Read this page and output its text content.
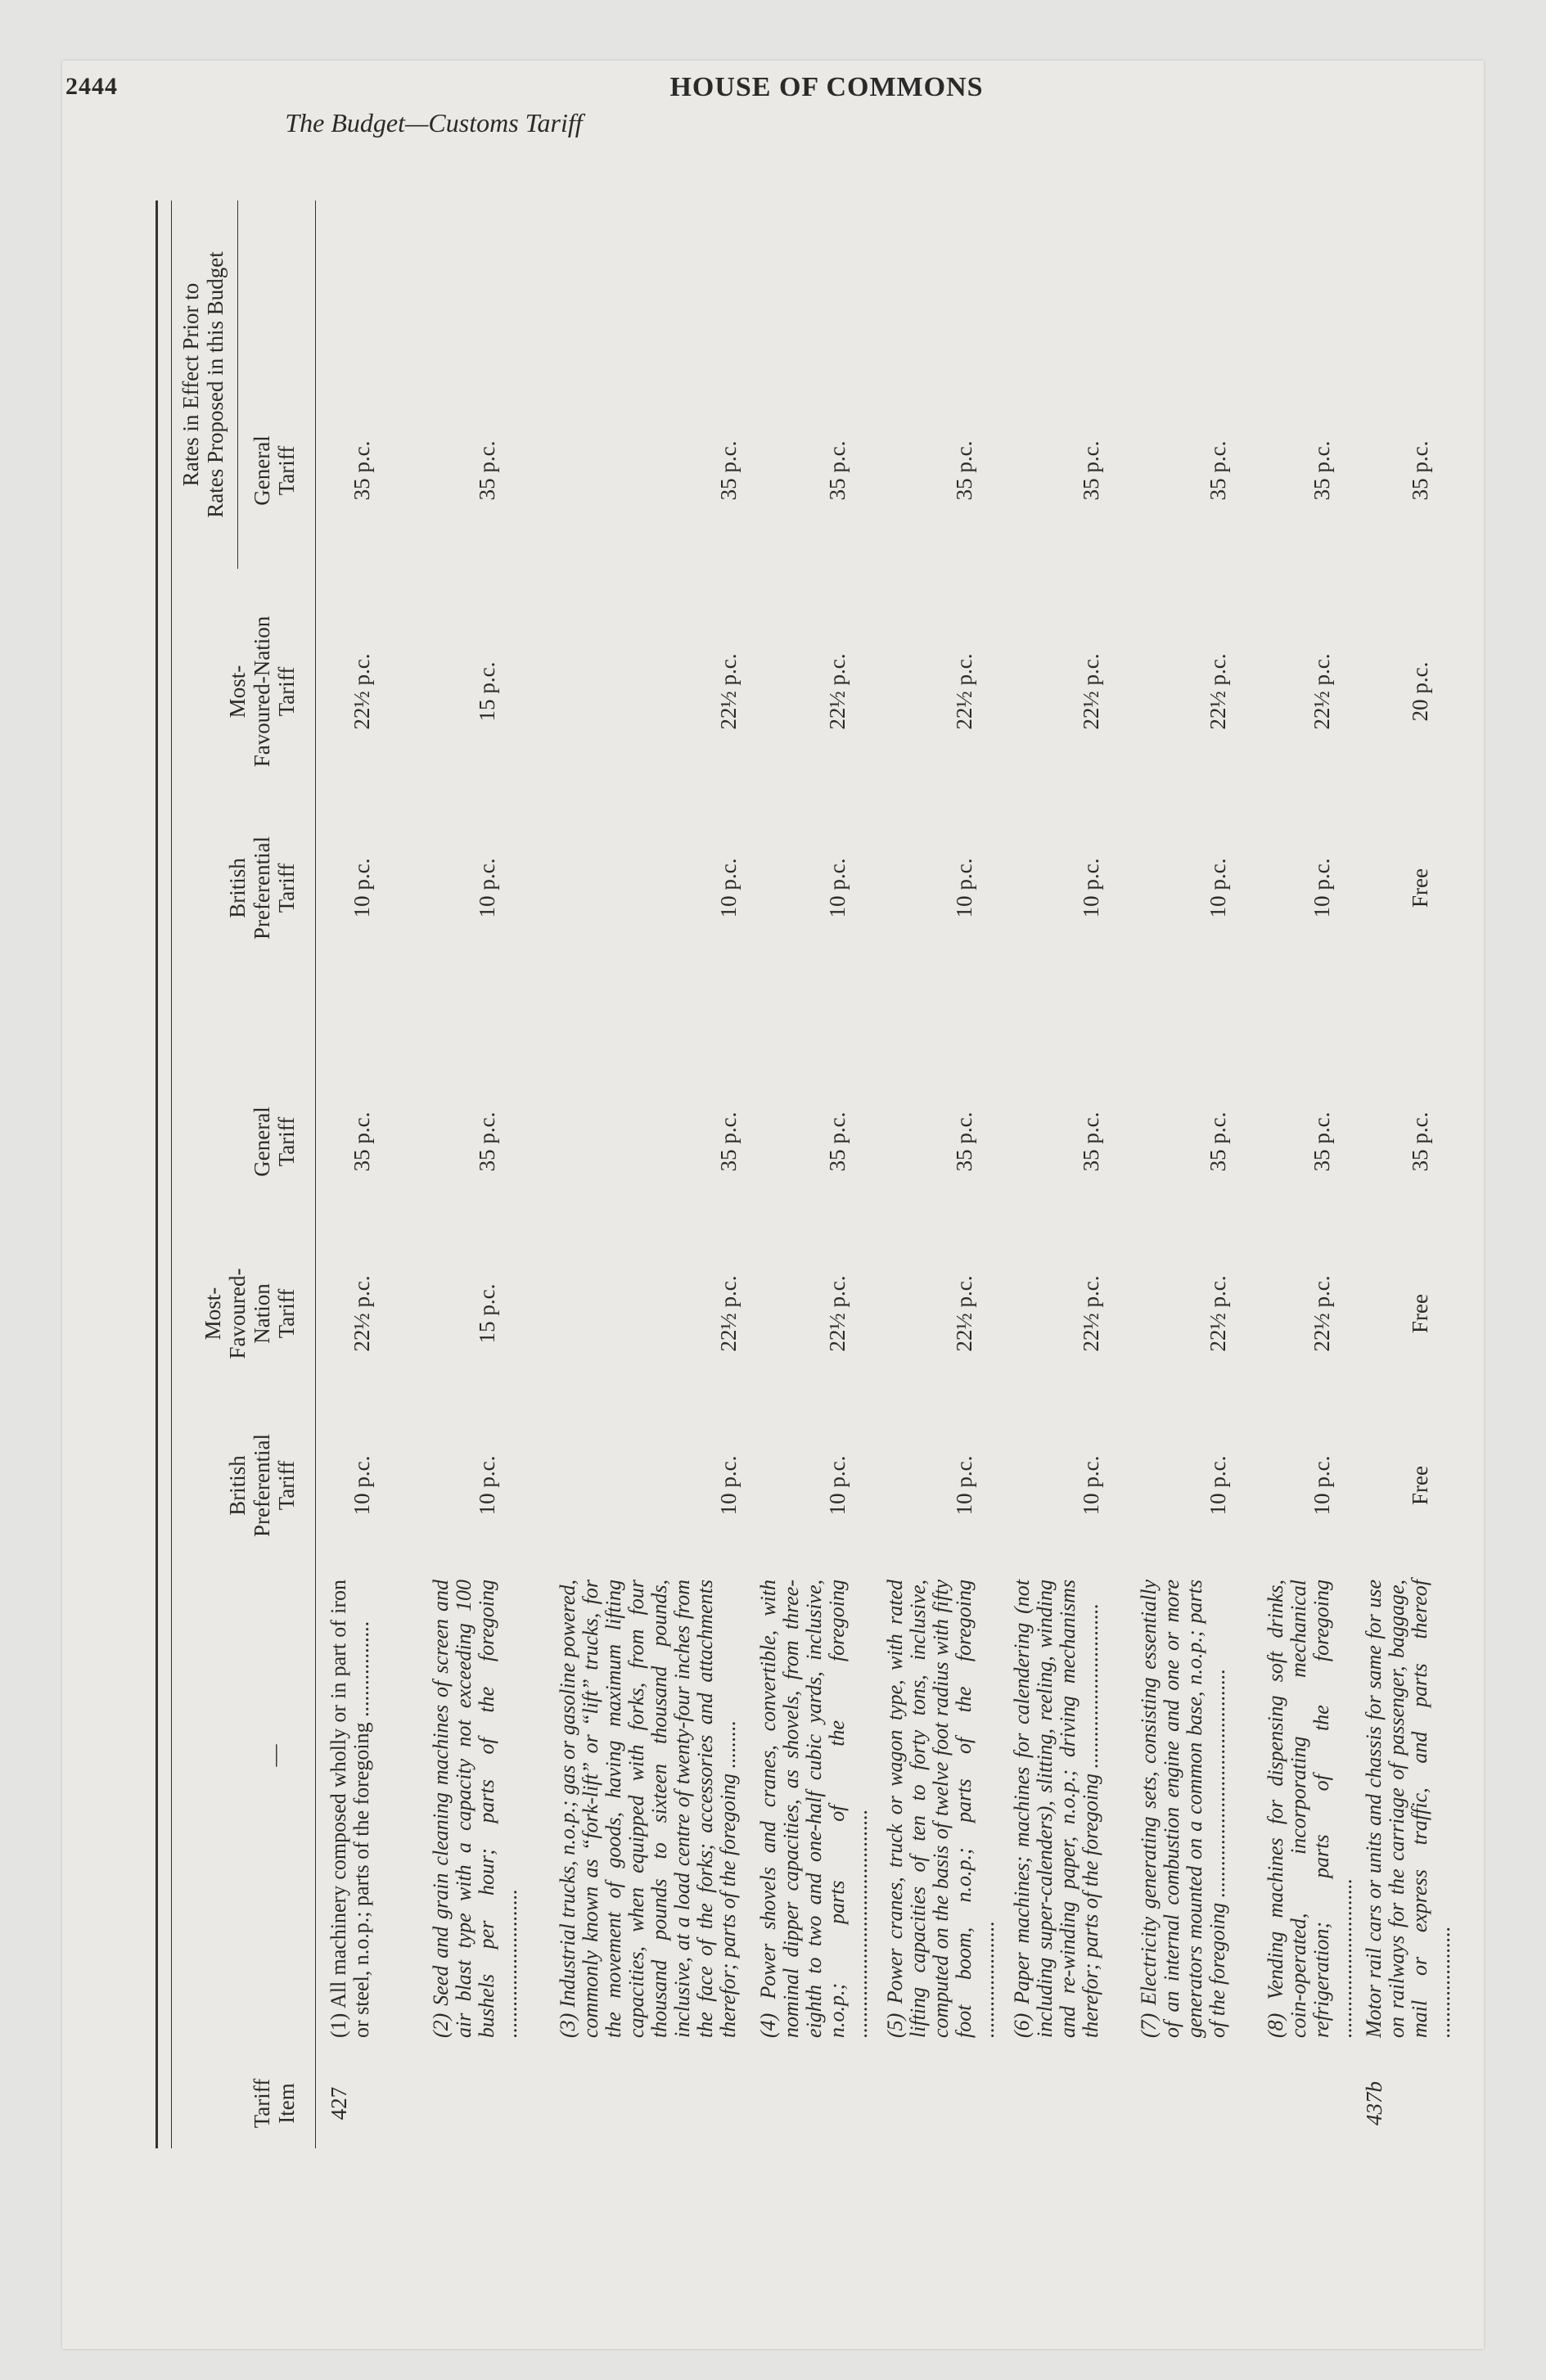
2444	HOUSE OF COMMONS
The Budget—Customs Tariff
Tariff
Item
—
British
Preferential
Tariff
Most-
Favoured-
Nation
Tariff
General
Tariff
Rates in Effect Prior to
Rates Proposed in this Budget
British
Preferential
Tariff
Most-
Favoured-Nation
Tariff
General
Tariff
427
(1) All machinery composed wholly or in part of iron or steel, n.o.p.; parts of the foregoing ..................
10 p.c.
22½ p.c.
35 p.c.
10 p.c.
22½ p.c.
35 p.c.
(2) Seed and grain cleaning machines of screen and air blast type with a capacity not exceeding 100 bushels per hour; parts of the foregoing ............................
10 p.c.
15 p.c.
35 p.c.
10 p.c.
15 p.c.
35 p.c.
(3) Industrial trucks, n.o.p.; gas or gasoline powered, commonly known as “fork-lift” or “lift” trucks, for the movement of goods, having maximum lifting capacities, when equipped with forks, from four thousand pounds to sixteen thousand pounds, inclusive, at a load centre of twenty-four inches from the face of the forks; accessories and attachments therefor; parts of the foregoing .........
10 p.c.
22½ p.c.
35 p.c.
10 p.c.
22½ p.c.
35 p.c.
(4) Power shovels and cranes, convertible, with nominal dipper capacities, as shovels, from three-eighth to two and one-half cubic yards, inclusive, n.o.p.; parts of the foregoing ...........................................
10 p.c.
22½ p.c.
35 p.c.
10 p.c.
22½ p.c.
35 p.c.
(5) Power cranes, truck or wagon type, with rated lifting capacities of ten to forty tons, inclusive, computed on the basis of twelve foot radius with fifty foot boom, n.o.p.; parts of the foregoing ......................
10 p.c.
22½ p.c.
35 p.c.
10 p.c.
22½ p.c.
35 p.c.
(6) Paper machines; machines for calendering (not including super-calenders), slitting, reeling, winding and re-winding paper, n.o.p.; driving mechanisms therefor; parts of the foregoing ...............................
10 p.c.
22½ p.c.
35 p.c.
10 p.c.
22½ p.c.
35 p.c.
(7) Electricity generating sets, consisting essentially of an internal combustion engine and one or more generators mounted on a common base, n.o.p.; parts of the foregoing ...........................................
10 p.c.
22½ p.c.
35 p.c.
10 p.c.
22½ p.c.
35 p.c.
(8) Vending machines for dispensing soft drinks, coin-operated, incorporating mechanical refrigeration; parts of the foregoing ..............................
10 p.c.
22½ p.c.
35 p.c.
10 p.c.
22½ p.c.
35 p.c.
437b
Motor rail cars or units and chassis for same for use on railways for the carriage of passenger, baggage, mail or express traffic, and parts thereof .....................
Free
Free
35 p.c.
Free
20 p.c.
35 p.c.
